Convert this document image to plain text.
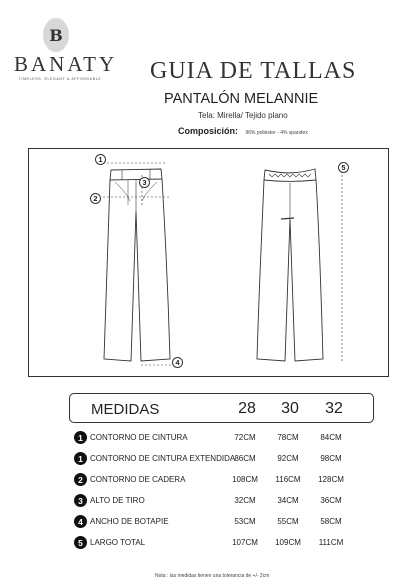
B
BANATY
TIMELESS, ELEGANT & AFFORDABLE GUIA DE TALLAS
PANTALÓN MELANNIE
Tela: Mirella/ Tejido plano
Composición: 96% poliéster - 4% spandex
1
2
3
4
5
MEDIDAS	28	30	32
1 CONTORNO DE CINTURA	72CM	78CM	84CM
1 CONTORNO DE CINTURA EXTENDIDA 86CM	92CM	98CM
2 CONTORNO DE CADERA	108CM	116CM	128CM
3 ALTO DE TIRO	32CM	34CM	36CM
4 ANCHO DE BOTAPIE	53CM	55CM	58CM
5 LARGO TOTAL	107CM	109CM	111CM
Nota : las medidas tienen una tolerancia de +/- 2cm
